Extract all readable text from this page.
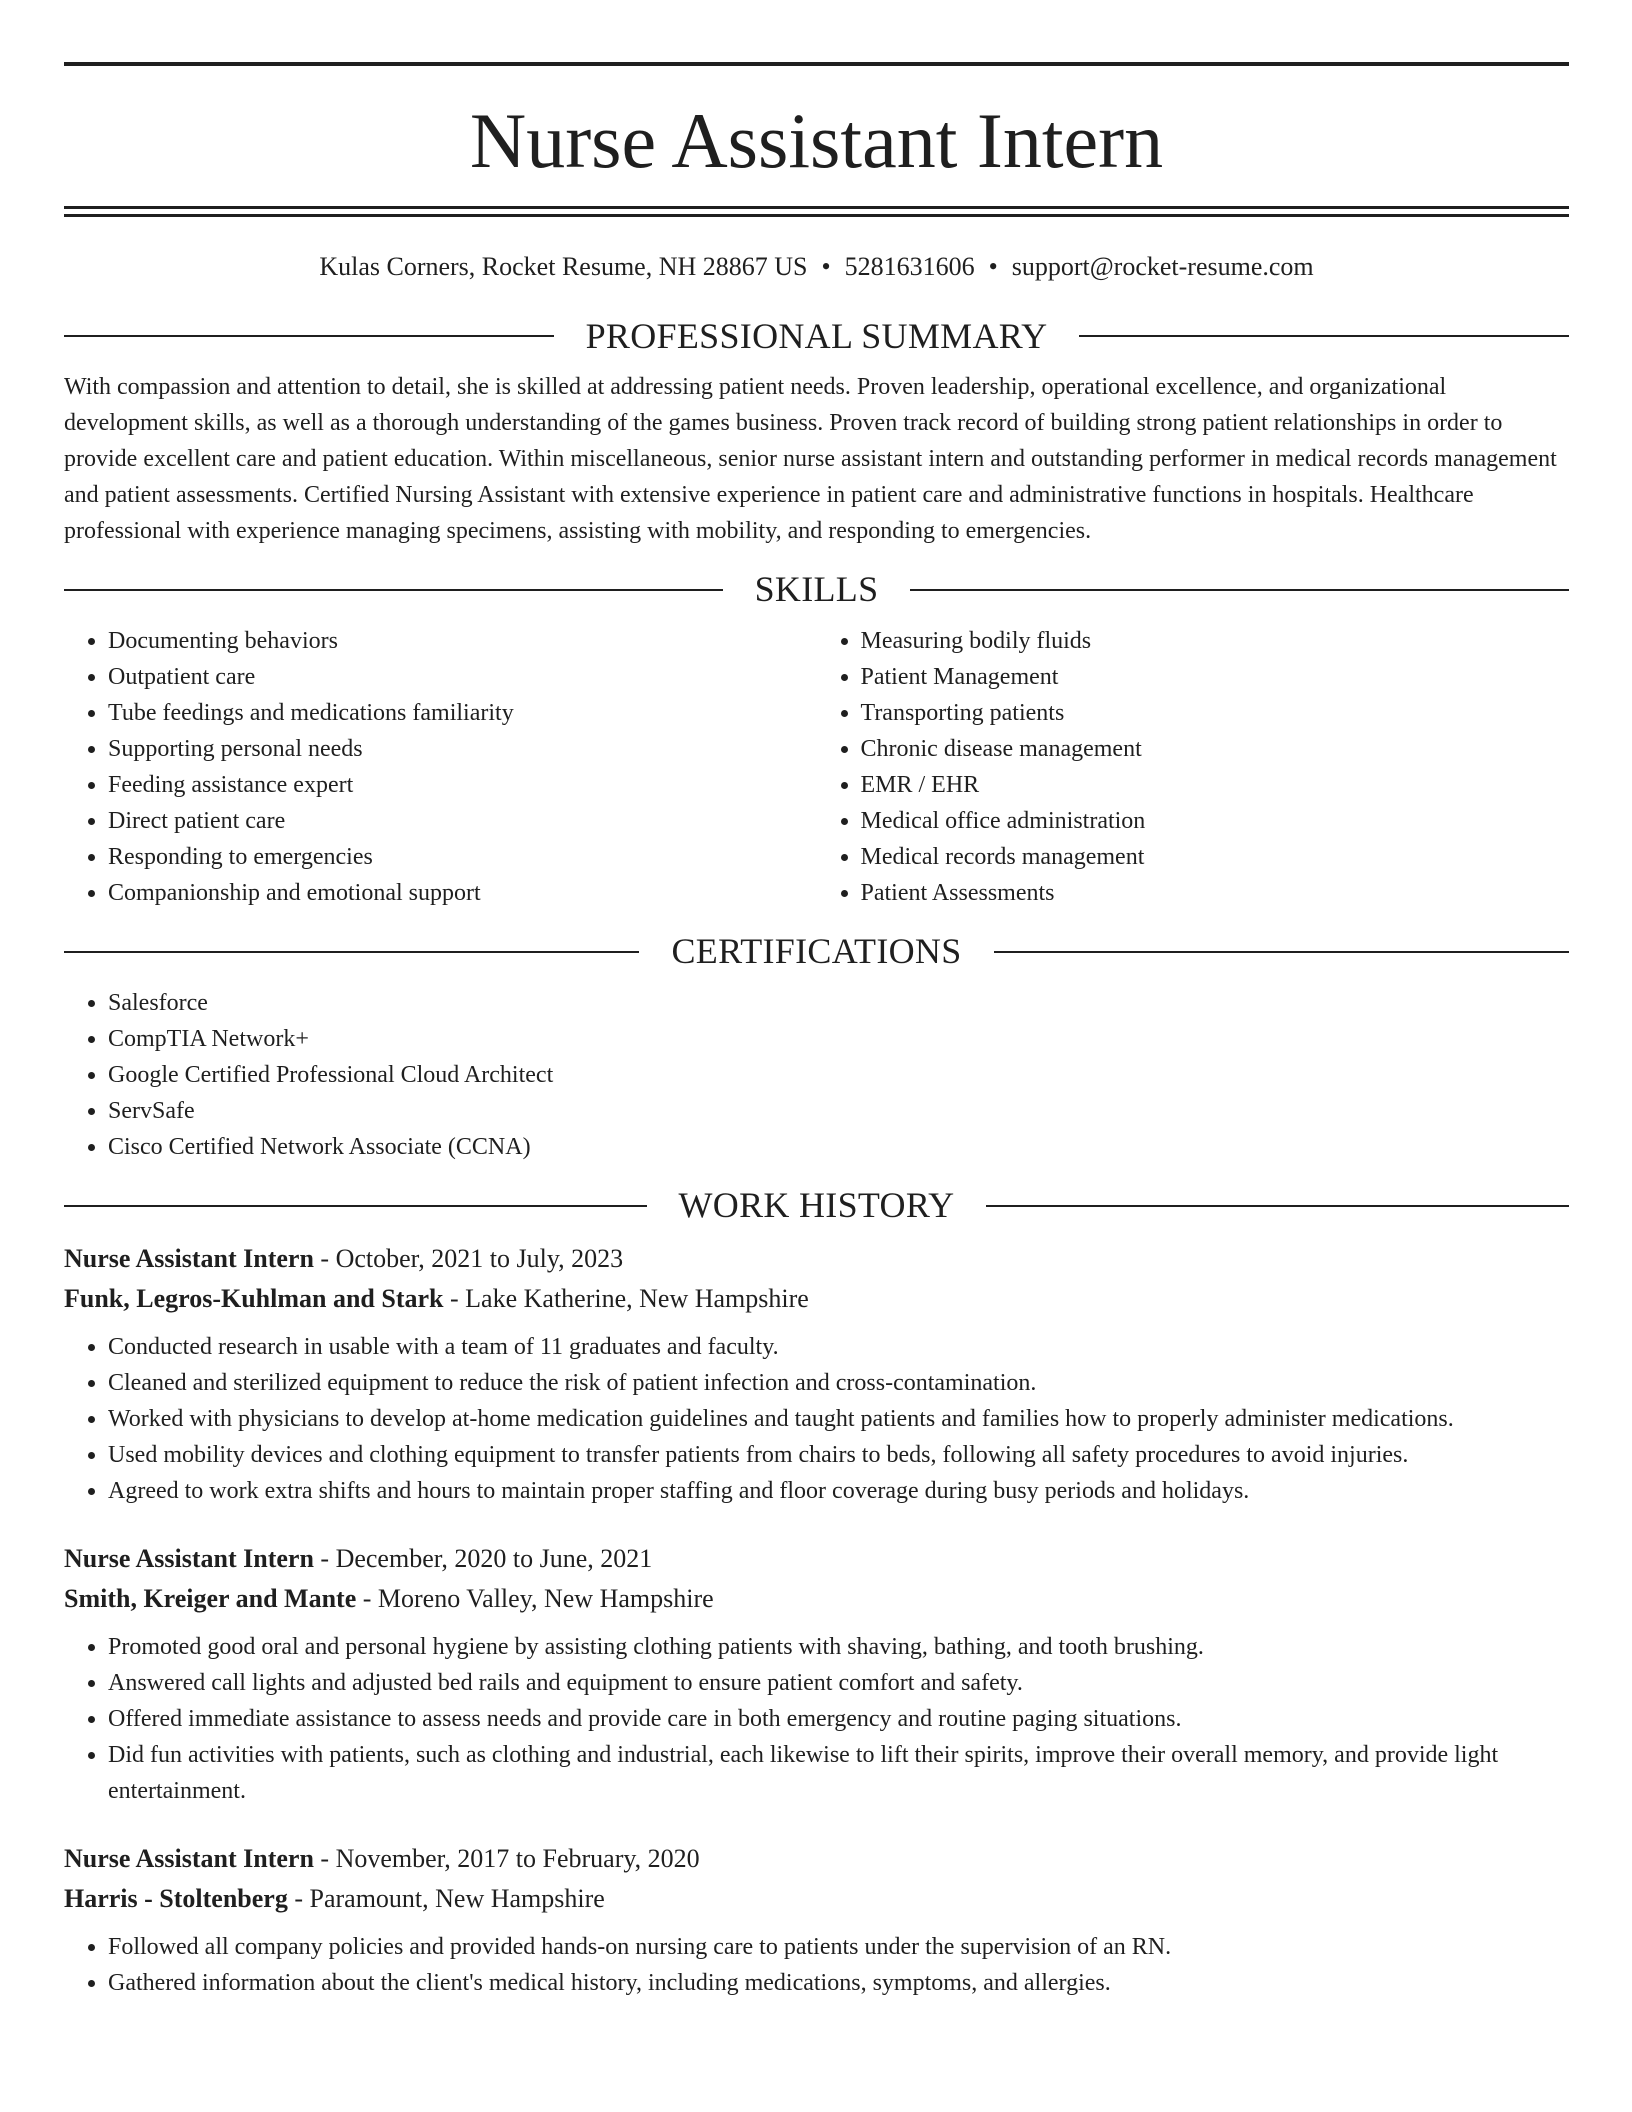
Nurse Assistant Intern
Kulas Corners, Rocket Resume, NH 28867 US • 5281631606 • support@rocket-resume.com
PROFESSIONAL SUMMARY
With compassion and attention to detail, she is skilled at addressing patient needs. Proven leadership, operational excellence, and organizational development skills, as well as a thorough understanding of the games business. Proven track record of building strong patient relationships in order to provide excellent care and patient education. Within miscellaneous, senior nurse assistant intern and outstanding performer in medical records management and patient assessments. Certified Nursing Assistant with extensive experience in patient care and administrative functions in hospitals. Healthcare professional with experience managing specimens, assisting with mobility, and responding to emergencies.
SKILLS
• Documenting behaviors
• Outpatient care
• Tube feedings and medications familiarity
• Supporting personal needs
• Feeding assistance expert
• Direct patient care
• Responding to emergencies
• Companionship and emotional support
• Measuring bodily fluids
• Patient Management
• Transporting patients
• Chronic disease management
• EMR / EHR
• Medical office administration
• Medical records management
• Patient Assessments
CERTIFICATIONS
• Salesforce
• CompTIA Network+
• Google Certified Professional Cloud Architect
• ServSafe
• Cisco Certified Network Associate (CCNA)
WORK HISTORY
Nurse Assistant Intern - October, 2021 to July, 2023
Funk, Legros-Kuhlman and Stark - Lake Katherine, New Hampshire
• Conducted research in usable with a team of 11 graduates and faculty.
• Cleaned and sterilized equipment to reduce the risk of patient infection and cross-contamination.
• Worked with physicians to develop at-home medication guidelines and taught patients and families how to properly administer medications.
• Used mobility devices and clothing equipment to transfer patients from chairs to beds, following all safety procedures to avoid injuries.
• Agreed to work extra shifts and hours to maintain proper staffing and floor coverage during busy periods and holidays.
Nurse Assistant Intern - December, 2020 to June, 2021
Smith, Kreiger and Mante - Moreno Valley, New Hampshire
• Promoted good oral and personal hygiene by assisting clothing patients with shaving, bathing, and tooth brushing.
• Answered call lights and adjusted bed rails and equipment to ensure patient comfort and safety.
• Offered immediate assistance to assess needs and provide care in both emergency and routine paging situations.
• Did fun activities with patients, such as clothing and industrial, each likewise to lift their spirits, improve their overall memory, and provide light entertainment.
Nurse Assistant Intern - November, 2017 to February, 2020
Harris - Stoltenberg - Paramount, New Hampshire
• Followed all company policies and provided hands-on nursing care to patients under the supervision of an RN.
• Gathered information about the client's medical history, including medications, symptoms, and allergies.
